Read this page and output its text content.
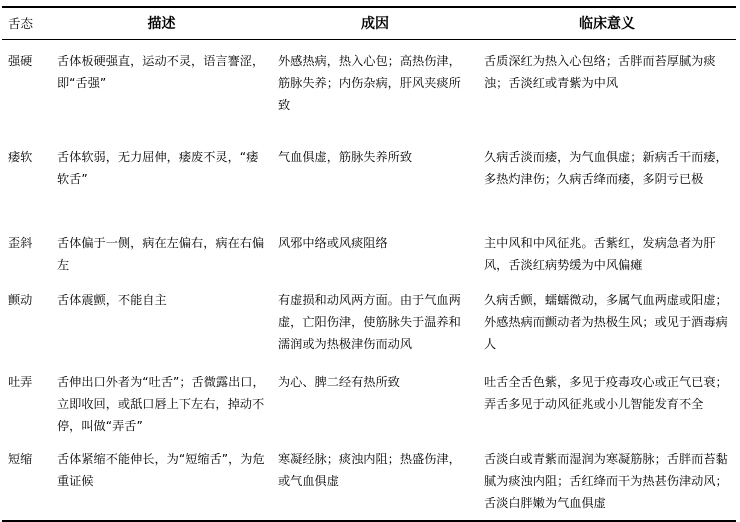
舌态	描述	成因	临床意义
强硬	舌体板硬强直，运动不灵，语言謇涩，即“舌强”	外感热病，热入心包；高热伤津，筋脉失养；内伤杂病，肝风夹痰所致	舌质深红为热入心包络；舌胖而苔厚腻为痰浊；舌淡红或青紫为中风
痿软	舌体软弱，无力屈伸，痿废不灵，“痿软舌”	气血俱虚，筋脉失养所致	久病舌淡而痿，为气血俱虚；新病舌干而痿，多热灼津伤；久病舌绛而痿，多阴亏已极
歪斜	舌体偏于一侧，病在左偏右，病在右偏左	风邪中络或风痰阻络	主中风和中风征兆。舌紫红，发病急者为肝风，舌淡红病势缓为中风偏瘫
颤动	舌体震颤，不能自主	有虚损和动风两方面。由于气血两虚，亡阳伤津，使筋脉失于温养和濡润或为热极津伤而动风	久病舌颤，蠕蠕微动，多属气血两虚或阳虚；外感热病而颤动者为热极生风；或见于酒毒病人
吐弄	舌伸出口外者为“吐舌”；舌微露出口，立即收回，或舐口唇上下左右，掉动不停，叫做“弄舌”	为心、脾二经有热所致	吐舌全舌色紫，多见于疫毒攻心或正气已衰；弄舌多见于动风征兆或小儿智能发育不全
短缩	舌体紧缩不能伸长，为“短缩舌”，为危重证候	寒凝经脉；痰浊内阻；热盛伤津，或气血俱虚	舌淡白或青紫而湿润为寒凝筋脉；舌胖而苔黏腻为痰浊内阻；舌红绛而干为热甚伤津动风；舌淡白胖嫩为气血俱虚
